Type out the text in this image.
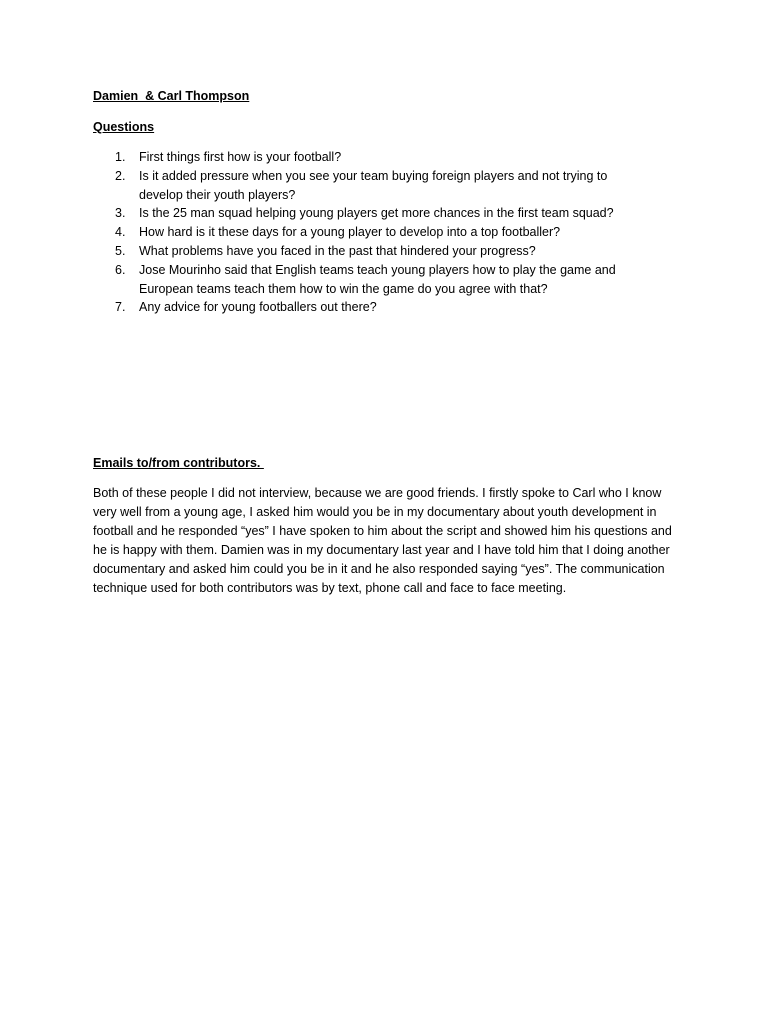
Damien  & Carl Thompson
Questions
1. First things first how is your football?
2. Is it added pressure when you see your team buying foreign players and not trying to develop their youth players?
3. Is the 25 man squad helping young players get more chances in the first team squad?
4. How hard is it these days for a young player to develop into a top footballer?
5. What problems have you faced in the past that hindered your progress?
6. Jose Mourinho said that English teams teach young players how to play the game and European teams teach them how to win the game do you agree with that?
7. Any advice for young footballers out there?
Emails to/from contributors.

Both of these people I did not interview, because we are good friends. I firstly spoke to Carl who I know very well from a young age, I asked him would you be in my documentary about youth development in football and he responded “yes” I have spoken to him about the script and showed him his questions and he is happy with them. Damien was in my documentary last year and I have told him that I doing another documentary and asked him could you be in it and he also responded saying “yes”. The communication technique used for both contributors was by text, phone call and face to face meeting.
